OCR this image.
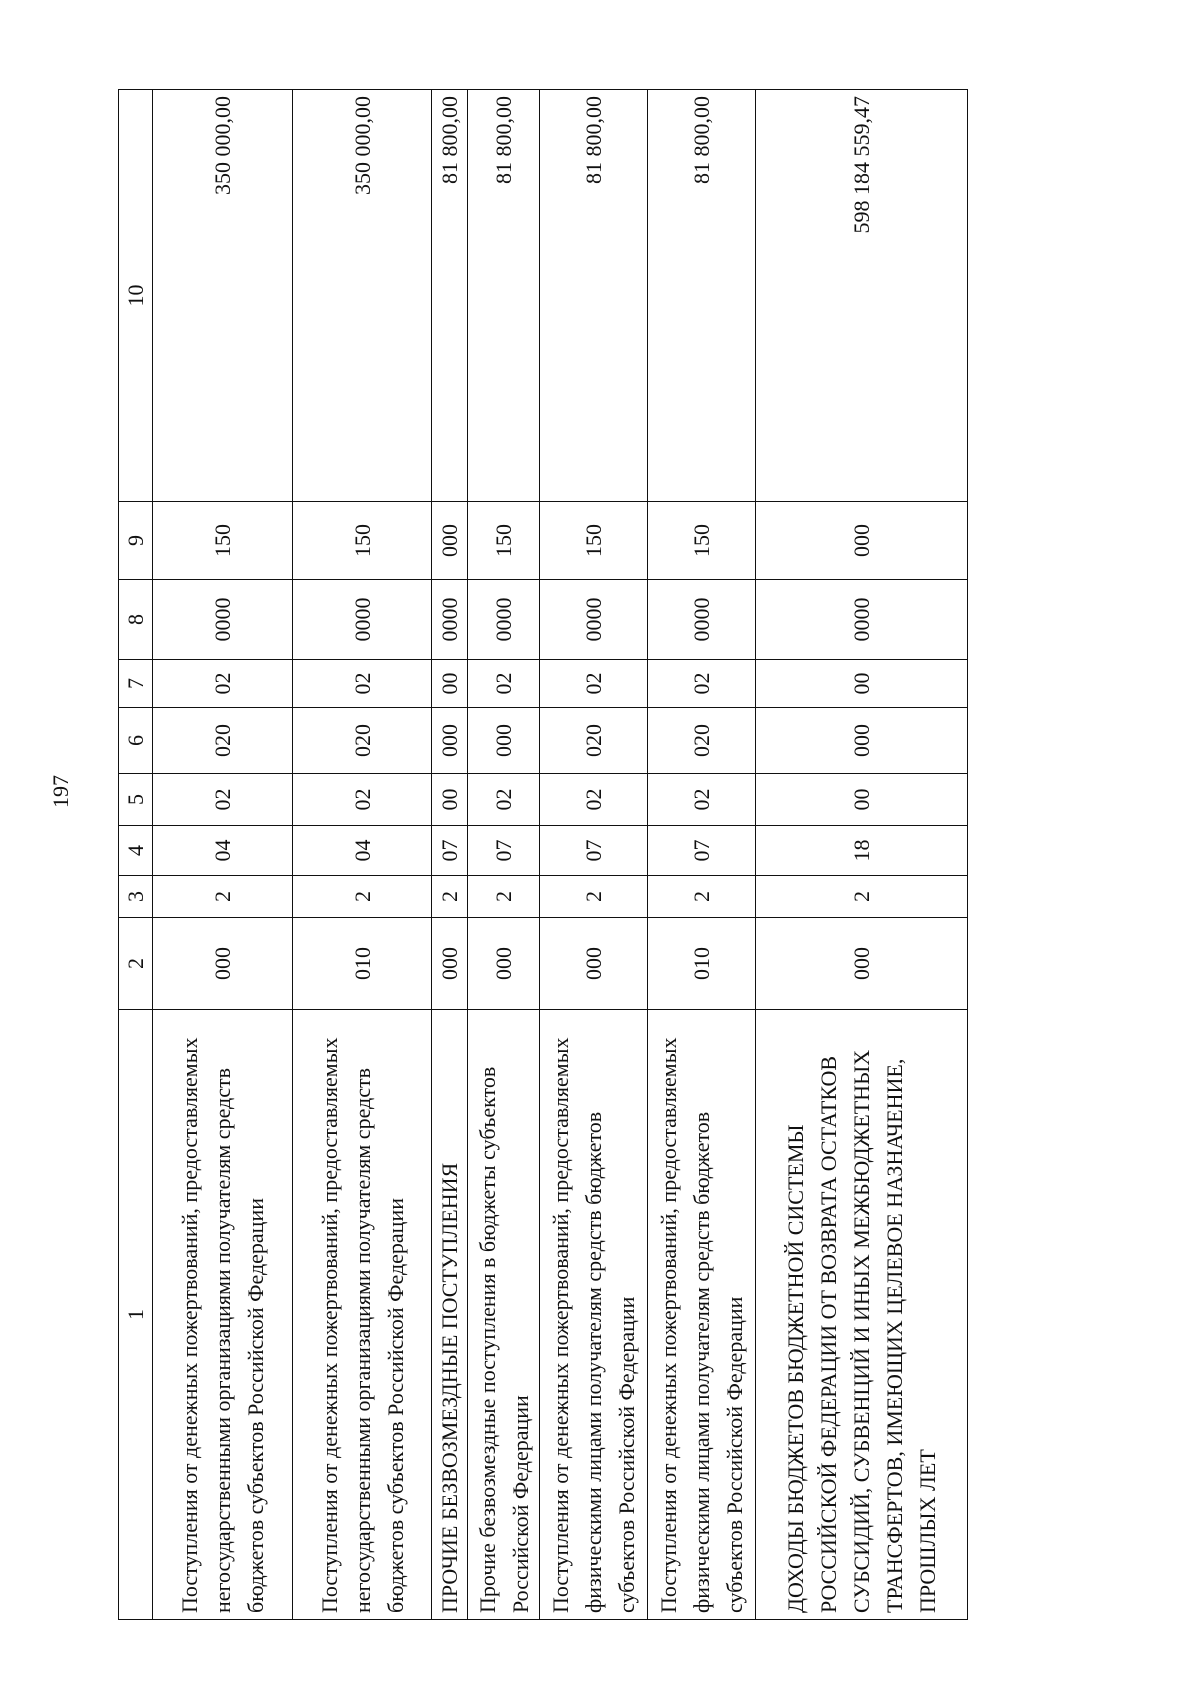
197
1	2	3	4	5	6	7	8	9	10
Поступления от денежных пожертвований, предоставляемых негосударственными организациями получателям средств бюджетов субъектов Российской Федерации	000	2	04	02	020	02	0000	150	350 000,00
Поступления от денежных пожертвований, предоставляемых негосударственными организациями получателям средств бюджетов субъектов Российской Федерации	010	2	04	02	020	02	0000	150	350 000,00
ПРОЧИЕ БЕЗВОЗМЕЗДНЫЕ ПОСТУПЛЕНИЯ	000	2	07	00	000	00	0000	000	81 800,00
Прочие безвозмездные поступления в бюджеты субъектов Российской Федерации	000	2	07	02	000	02	0000	150	81 800,00
Поступления от денежных пожертвований, предоставляемых физическими лицами получателям средств бюджетов субъектов Российской Федерации	000	2	07	02	020	02	0000	150	81 800,00
Поступления от денежных пожертвований, предоставляемых физическими лицами получателям средств бюджетов субъектов Российской Федерации	010	2	07	02	020	02	0000	150	81 800,00
ДОХОДЫ БЮДЖЕТОВ БЮДЖЕТНОЙ СИСТЕМЫ РОССИЙСКОЙ ФЕДЕРАЦИИ ОТ ВОЗВРАТА ОСТАТКОВ СУБСИДИЙ, СУБВЕНЦИЙ И ИНЫХ МЕЖБЮДЖЕТНЫХ ТРАНСФЕРТОВ, ИМЕЮЩИХ ЦЕЛЕВОЕ НАЗНАЧЕНИЕ, ПРОШЛЫХ ЛЕТ	000	2	18	00	000	00	0000	000	598 184 559,47
